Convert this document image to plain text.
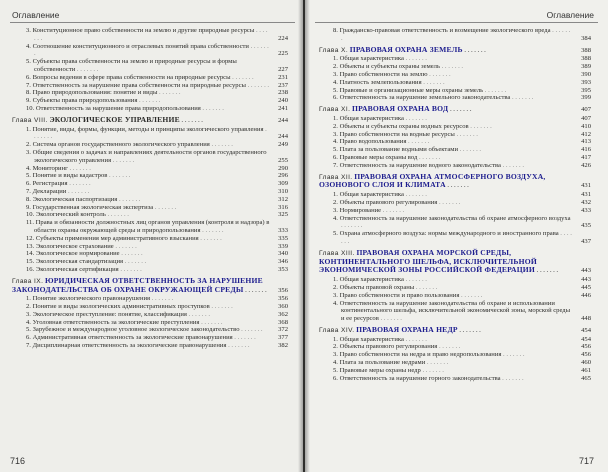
Оглавление
3. Конституционное право собственности на землю и другие природные ресурсы . . . . . . .	224
4. Соотношение конституционного и отраслевых понятий права собственности . . . . . . .	225
5. Субъекты права собственности на землю и природные ресурсы и формы собственности . . . . . . .	227
6. Вопросы ведения в сфере права собственности на природные ресурсы . . . . . . .	231
7. Ответственность за нарушение права собственности на природные ресурсы . . . . . . . 237
8. Право природопользования: понятие и виды . . . . . . .	238
9. Субъекты права природопользования . . . . . . .	240
10. Ответственность за нарушение права природопользования . . . . . . .	241
Глава VIII. ЭКОЛОГИЧЕСКОЕ УПРАВЛЕНИЕ . . . . . . .	244
1. Понятие, виды, формы, функции, методы и принципы экологического управления . . . . . . .	244
2. Система органов государственного экологического управления . . . . . . .	249
3. Общие сведения о задачах и направлениях деятельности органов государственного экологического управления . . . . . . .	255
4. Мониторинг . . . . . . .	290
5. Понятие и виды кадастров . . . . . . .	296
6. Регистрация . . . . . . .	309
7. Декларации . . . . . . .	310
8. Экологическая паспортизация . . . . . . .	312
9. Государственная экологическая экспертиза . . . . . . .	316
10. Экологический контроль . . . . . . .	325
11. Права и обязанности должностных лиц органов управления (контроля и надзора) в области охраны окружающей среды и природопользования . . . . . . .	333
12. Субъекты применения мер административного взыскания . . . . . . .	335
13. Экологическое страхование . . . . . . .	339
14. Экологическое нормирование . . . . . . .	340
15. Экологическая стандартизация . . . . . . .	346
16. Экологическая сертификация . . . . . . .	353
Глава IX. ЮРИДИЧЕСКАЯ ОТВЕТСТВЕННОСТЬ ЗА НАРУШЕНИЕ ЗАКОНОДАТЕЛЬСТВА ОБ ОХРАНЕ ОКРУЖАЮЩЕЙ СРЕДЫ . . . . . . .	356
1. Понятие экологического правонарушения . . . . . . .	356
2. Понятие и виды экологических административных проступков . . . . . . .	360
3. Экологическое преступление: понятие, классификация . . . . . . .	362
4. Уголовная ответственность за экологические преступления . . . . . . .	368
5. Зарубежное и международное уголовное экологическое законодательство . . . . . . .	372
6. Административная ответственность за экологические правонарушения . . . . . . .	377
7. Дисциплинарная ответственность за экологические правонарушения . . . . . . .	382
716
Оглавление
8. Гражданско-правовая ответственность и возмещение экологического вреда . . . . . . .	384
Глава X. ПРАВОВАЯ ОХРАНА ЗЕМЕЛЬ . . . . . . .	388
1. Общая характеристика . . . . . . .	388
2. Объекты и субъекты охраны земель . . . . . . .	389
3. Право собственности на землю . . . . . . .	390
4. Платность землепользования . . . . . . .	393
5. Правовые и организационные меры охраны земель . . . . . . .	395
6. Ответственность за нарушение земельного законодательства . . . . . . .	399
Глава XI. ПРАВОВАЯ ОХРАНА ВОД . . . . . . .	407
1. Общая характеристика . . . . . . .	407
2. Объекты и субъекты охраны водных ресурсов . . . . . . .	410
3. Право собственности на водные ресурсы . . . . . . .	412
4. Право водопользования . . . . . . .	413
5. Плата за пользование водными объектами . . . . . . .	416
6. Правовые меры охраны вод . . . . . . .	417
7. Ответственность за нарушение водного законодательства . . . . . . .	426
Глава XII. ПРАВОВАЯ ОХРАНА АТМОСФЕРНОГО ВОЗДУХА, ОЗОНОВОГО СЛОЯ И КЛИМАТА . . . . . . .	431
1. Общая характеристика . . . . . . .	431
2. Объекты правового регулирования . . . . . . .	432
3. Нормирование . . . . . . .	433
4. Ответственность за нарушение законодательства об охране атмосферного воздуха . . . . . . .	435
5. Охрана атмосферного воздуха: нормы международного и иностранного права . . . . . . .	437
Глава XIII. ПРАВОВАЯ ОХРАНА МОРСКОЙ СРЕДЫ, КОНТИНЕНТАЛЬНОГО ШЕЛЬФА, ИСКЛЮЧИТЕЛЬНОЙ ЭКОНОМИЧЕСКОЙ ЗОНЫ РОССИЙСКОЙ ФЕДЕРАЦИИ . . . . . . .	443
1. Общая характеристика . . . . . . .	443
2. Объекты правовой охраны . . . . . . .	445
3. Право собственности и право пользования . . . . . . .	446
4. Ответственность за нарушение законодательства об охране и использовании континентального шельфа, исключительной экономической зоны, морской среды и ее ресурсов . . . . . . .	448
Глава XIV. ПРАВОВАЯ ОХРАНА НЕДР . . . . . . .	454
1. Общая характеристика . . . . . . .	454
2. Объекты правового регулирования . . . . . . .	456
3. Право собственности на недра и право недропользования . . . . . . .	456
4. Плата за пользование недрами . . . . . . .	460
5. Правовые меры охраны недр . . . . . . .	461
6. Ответственность за нарушение горного законодательства . . . . . . .	465
717
